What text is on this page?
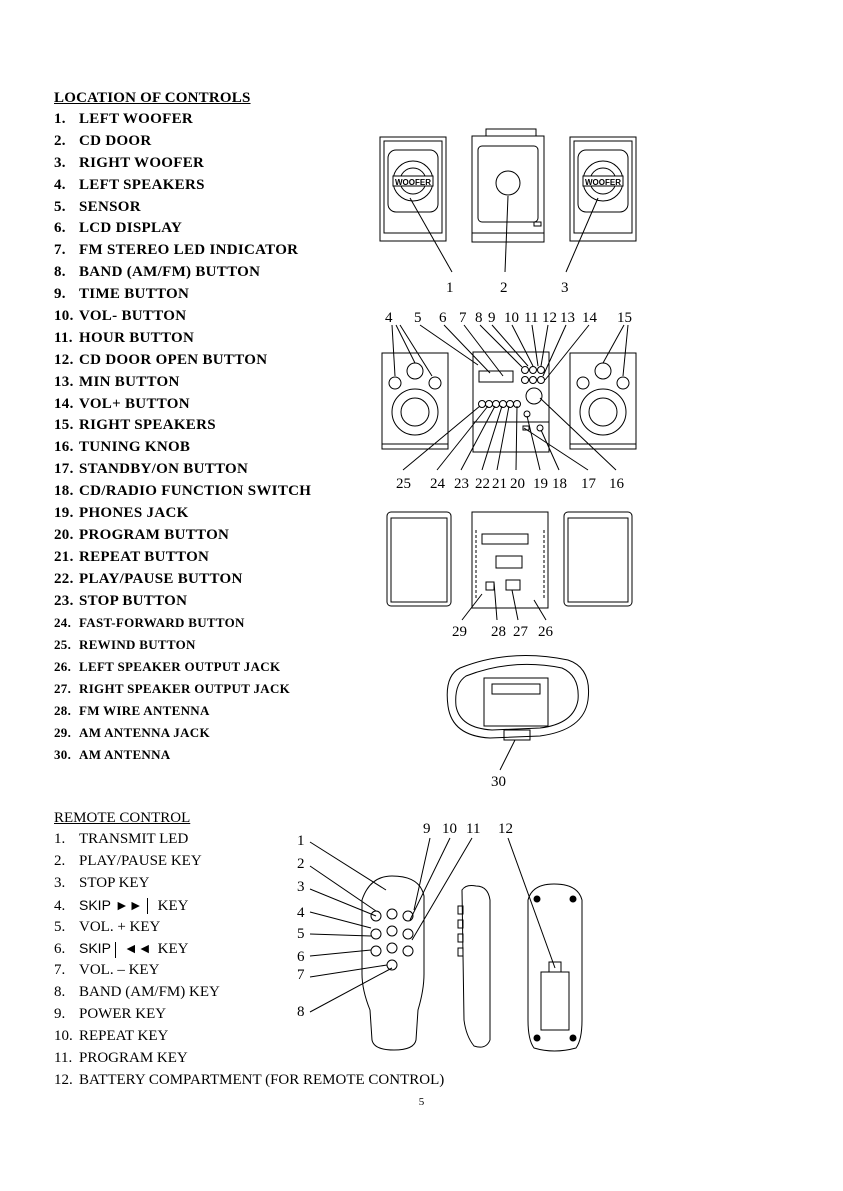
LOCATION OF CONTROLS
1. LEFT WOOFER
2. CD DOOR
3. RIGHT WOOFER
4. LEFT SPEAKERS
5. SENSOR
6. LCD DISPLAY
7. FM STEREO LED INDICATOR
8. BAND (AM/FM) BUTTON
9. TIME BUTTON
10. VOL- BUTTON
11. HOUR BUTTON
12. CD DOOR OPEN BUTTON
13. MIN BUTTON
14. VOL+ BUTTON
15. RIGHT SPEAKERS
16. TUNING KNOB
17. STANDBY/ON BUTTON
18. CD/RADIO FUNCTION SWITCH
19. PHONES JACK
20. PROGRAM BUTTON
21. REPEAT BUTTON
22. PLAY/PAUSE BUTTON
23. STOP BUTTON
24. FAST-FORWARD BUTTON
25. REWIND BUTTON
26. LEFT SPEAKER OUTPUT JACK
27. RIGHT SPEAKER OUTPUT JACK
28. FM WIRE ANTENNA
29. AM ANTENNA JACK
30. AM ANTENNA
REMOTE CONTROL
1. TRANSMIT LED
2. PLAY/PAUSE KEY
3. STOP KEY
4. SKIP ►► KEY
5. VOL. + KEY
6. SKIP ◄◄ KEY
7. VOL. – KEY
8. BAND (AM/FM) KEY
9. POWER KEY
10. REPEAT KEY
11. PROGRAM KEY
12. BATTERY COMPARTMENT (FOR REMOTE CONTROL)
5
WOOFER	WOOFER
1	2	3
4 5 6 7 8 9 10 11 12 13 14 15
25 24 23 22 21 20 19 18 17 16
29 28 27 26
30
1
2
3
4
5
6
7
8
9 10 11 12
